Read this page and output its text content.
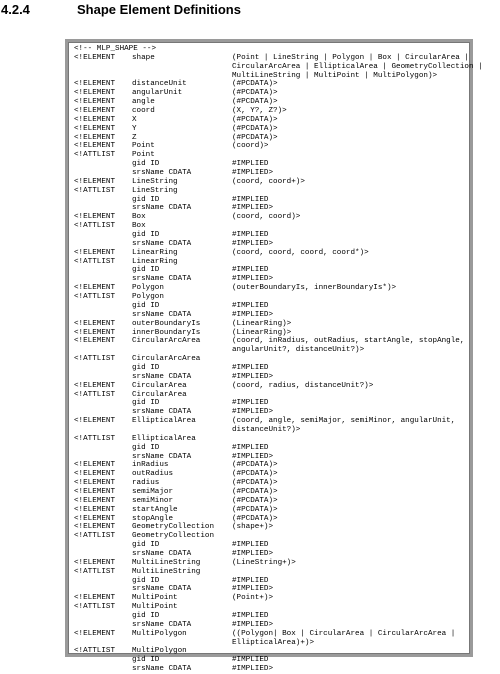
4.2.4	Shape Element Definitions
<!-- MLP_SHAPE -->
<!ELEMENT shape	(Point | LineString | Polygon | Box | CircularArea |
CircularArcArea | EllipticalArea | GeometryCollection |
MultiLineString | MultiPoint | MultiPolygon)>
<!ELEMENT distanceUnit	(#PCDATA)>
<!ELEMENT angularUnit	(#PCDATA)>
<!ELEMENT angle	(#PCDATA)>
<!ELEMENT coord	(X, Y?, Z?)>
<!ELEMENT X	(#PCDATA)>
<!ELEMENT Y	(#PCDATA)>
<!ELEMENT Z	(#PCDATA)>
<!ELEMENT Point	(coord)>
<!ATTLIST Point
gid ID	#IMPLIED
srsName CDATA	#IMPLIED>
<!ELEMENT LineString	(coord, coord+)>
<!ATTLIST LineString
gid ID	#IMPLIED
srsName CDATA	#IMPLIED>
<!ELEMENT Box	(coord, coord)>
<!ATTLIST Box
gid ID	#IMPLIED
srsName CDATA	#IMPLIED>
<!ELEMENT LinearRing	(coord, coord, coord, coord*)>
<!ATTLIST LinearRing
gid ID	#IMPLIED
srsName CDATA	#IMPLIED>
<!ELEMENT Polygon	(outerBoundaryIs, innerBoundaryIs*)>
<!ATTLIST Polygon
gid ID	#IMPLIED
srsName CDATA	#IMPLIED>
<!ELEMENT outerBoundaryIs	(LinearRing)>
<!ELEMENT innerBoundaryIs	(LinearRing)>
<!ELEMENT CircularArcArea	(coord, inRadius, outRadius, startAngle, stopAngle,
angularUnit?, distanceUnit?)>
<!ATTLIST CircularArcArea
gid ID	#IMPLIED
srsName CDATA	#IMPLIED>
<!ELEMENT CircularArea	(coord, radius, distanceUnit?)>
<!ATTLIST CircularArea
gid ID	#IMPLIED
srsName CDATA	#IMPLIED>
<!ELEMENT EllipticalArea	(coord, angle, semiMajor, semiMinor, angularUnit,
distanceUnit?)>
<!ATTLIST EllipticalArea
gid ID	#IMPLIED
srsName CDATA	#IMPLIED>
<!ELEMENT inRadius	(#PCDATA)>
<!ELEMENT outRadius	(#PCDATA)>
<!ELEMENT radius	(#PCDATA)>
<!ELEMENT semiMajor	(#PCDATA)>
<!ELEMENT semiMinor	(#PCDATA)>
<!ELEMENT startAngle	(#PCDATA)>
<!ELEMENT stopAngle	(#PCDATA)>
<!ELEMENT GeometryCollection (shape+)>
<!ATTLIST GeometryCollection
gid ID	#IMPLIED
srsName CDATA	#IMPLIED>
<!ELEMENT MultiLineString	(LineString+)>
<!ATTLIST MultiLineString
gid ID	#IMPLIED
srsName CDATA	#IMPLIED>
<!ELEMENT MultiPoint	(Point+)>
<!ATTLIST MultiPoint
gid ID	#IMPLIED
srsName CDATA	#IMPLIED>
<!ELEMENT MultiPolygon	((Polygon| Box | CircularArea | CircularArcArea |
EllipticalArea)+)>
<!ATTLIST MultiPolygon
gid ID	#IMPLIED
srsName CDATA	#IMPLIED>
